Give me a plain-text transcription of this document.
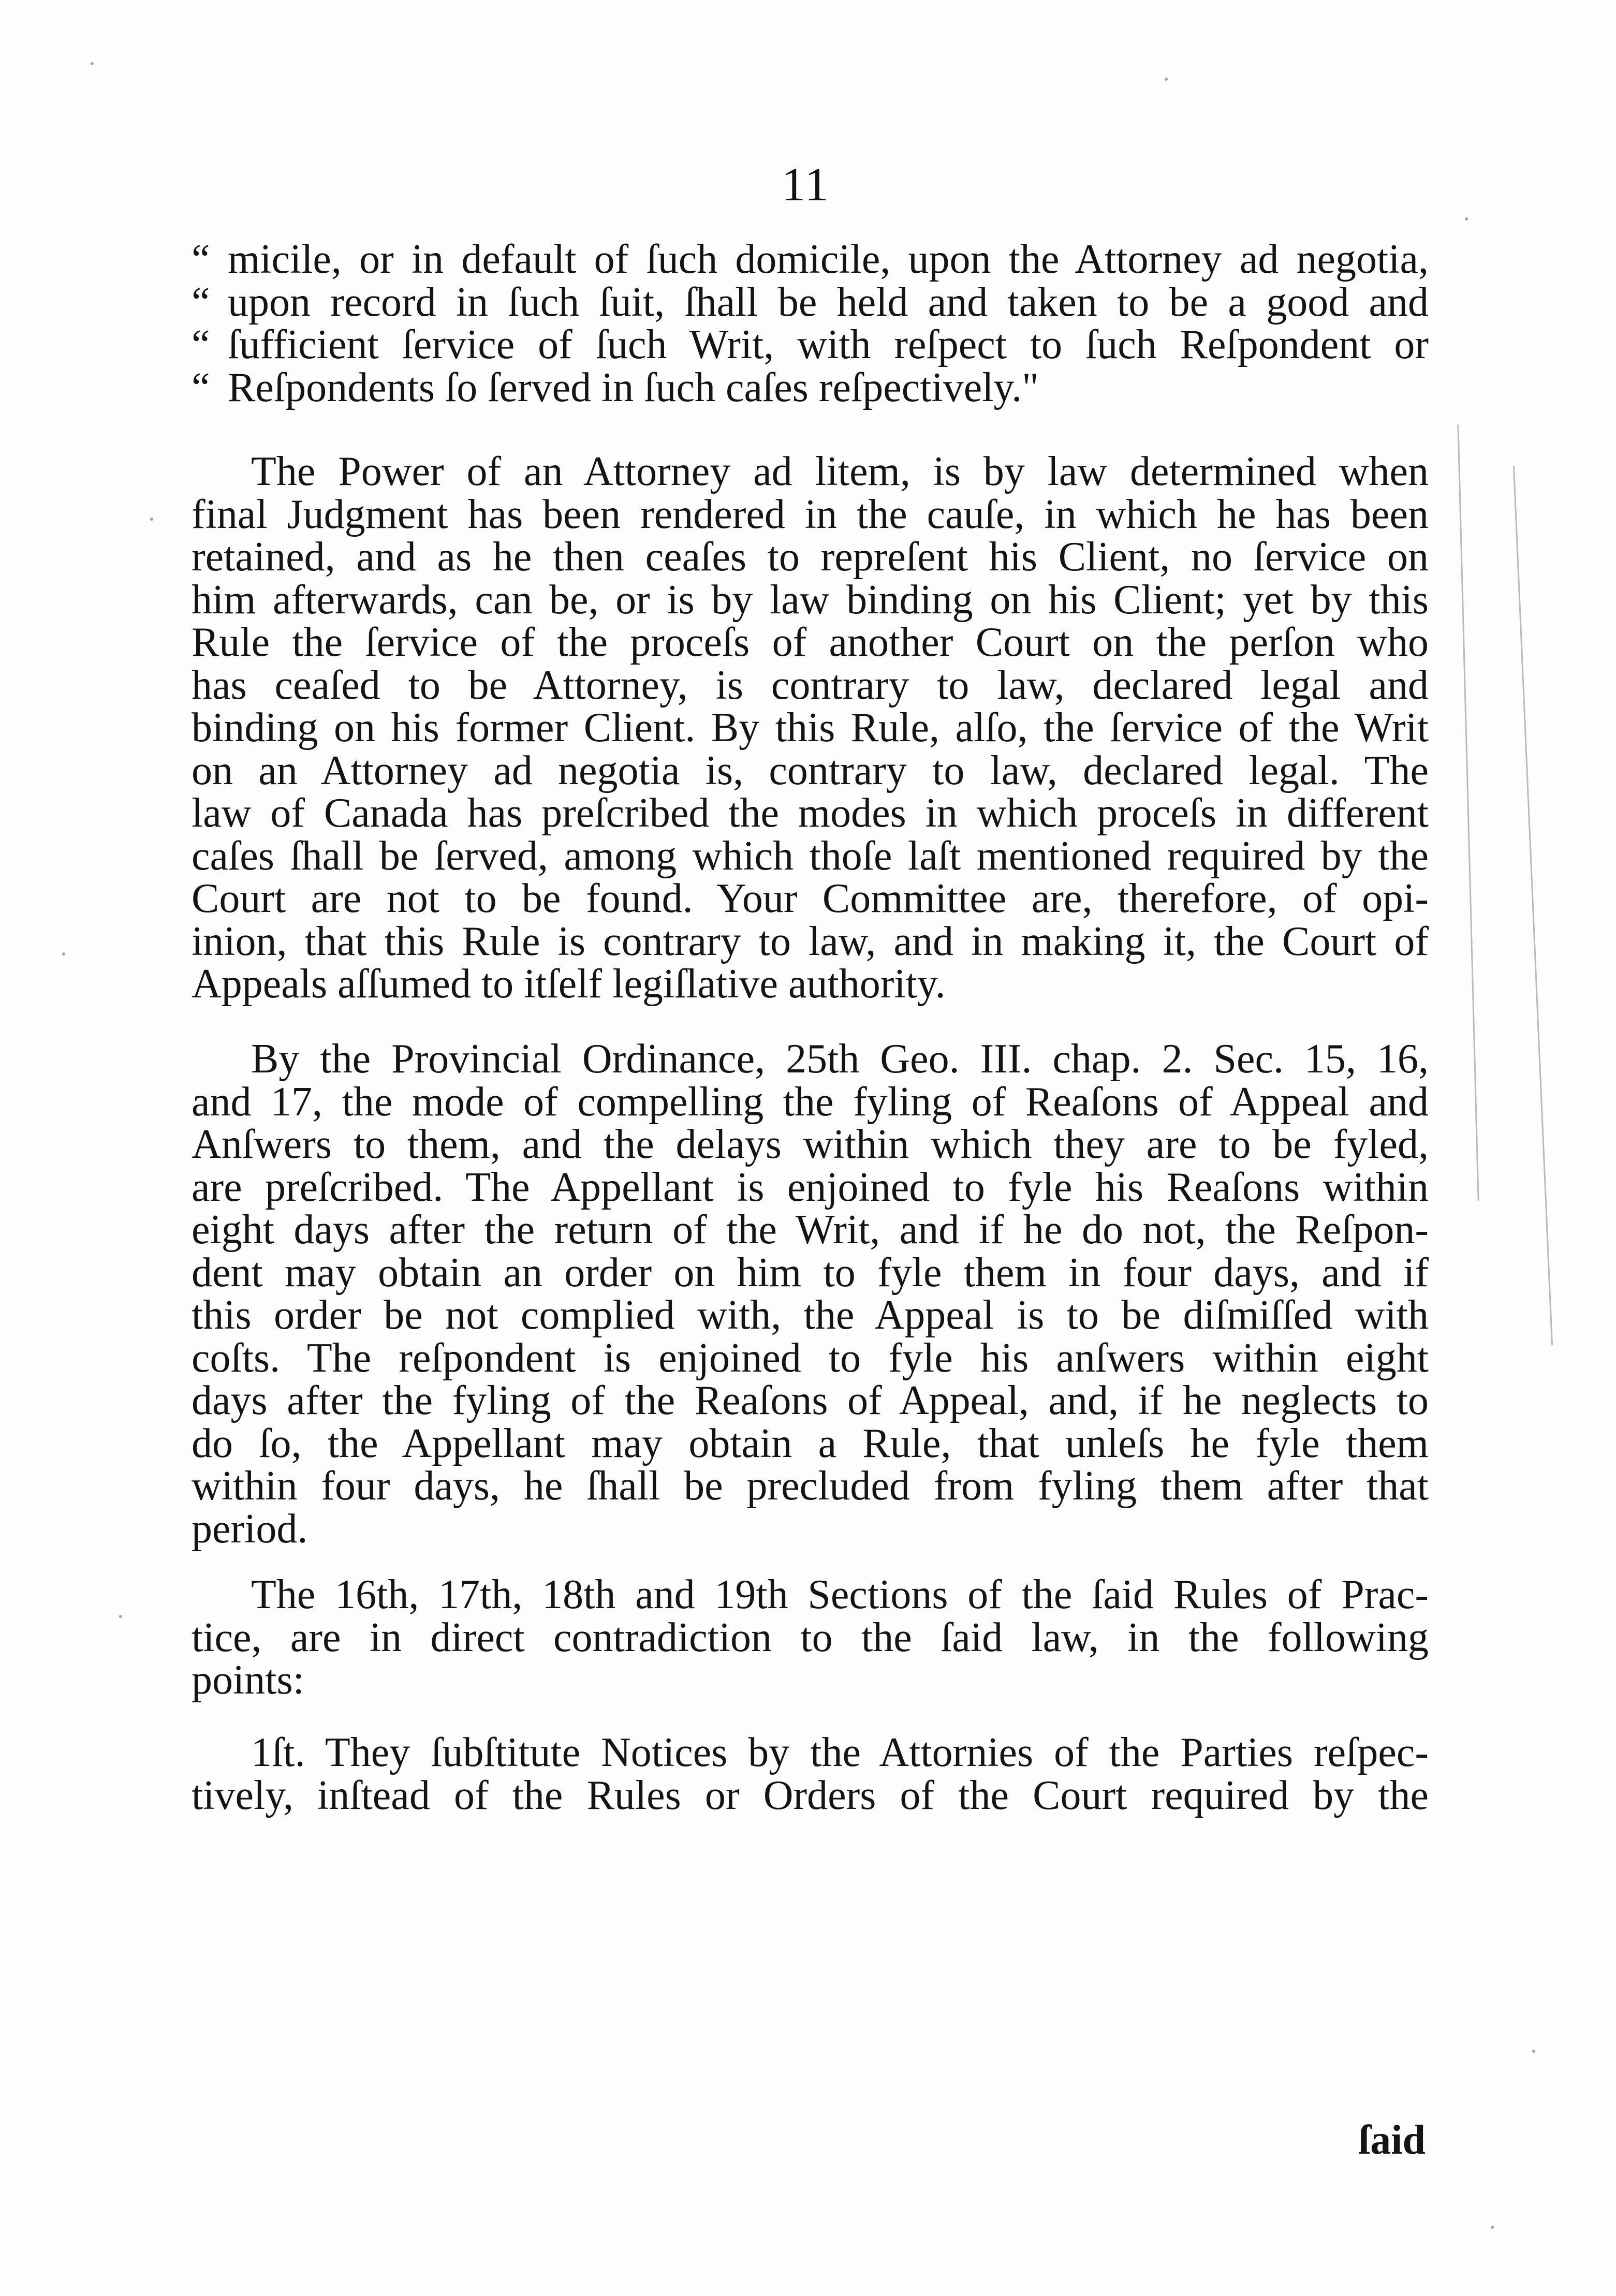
11
“ micile, or in default of ſuch domicile, upon the Attorney ad negotia,
“ upon record in ſuch ſuit, ſhall be held and taken to be a good and
“ ſufficient ſervice of ſuch Writ, with reſpect to ſuch Reſpondent or
“ Reſpondents ſo ſerved in ſuch caſes reſpectively."
The Power of an Attorney ad litem, is by law determined when
final Judgment has been rendered in the cauſe, in which he has been
retained, and as he then ceaſes to repreſent his Client, no ſervice on
him afterwards, can be, or is by law binding on his Client; yet by this
Rule the ſervice of the proceſs of another Court on the perſon who
has ceaſed to be Attorney, is contrary to law, declared legal and
binding on his former Client. By this Rule, alſo, the ſervice of the Writ
on an Attorney ad negotia is, contrary to law, declared legal. The
law of Canada has preſcribed the modes in which proceſs in different
caſes ſhall be ſerved, among which thoſe laſt mentioned required by the
Court are not to be found. Your Committee are, therefore, of opi-
inion, that this Rule is contrary to law, and in making it, the Court of
Appeals aſſumed to itſelf legiſlative authority.
By the Provincial Ordinance, 25th Geo. III. chap. 2. Sec. 15, 16,
and 17, the mode of compelling the fyling of Reaſons of Appeal and
Anſwers to them, and the delays within which they are to be fyled,
are preſcribed. The Appellant is enjoined to fyle his Reaſons within
eight days after the return of the Writ, and if he do not, the Reſpon-
dent may obtain an order on him to fyle them in four days, and if
this order be not complied with, the Appeal is to be diſmiſſed with
coſts. The reſpondent is enjoined to fyle his anſwers within eight
days after the fyling of the Reaſons of Appeal, and, if he neglects to
do ſo, the Appellant may obtain a Rule, that unleſs he fyle them
within four days, he ſhall be precluded from fyling them after that
period.
The 16th, 17th, 18th and 19th Sections of the ſaid Rules of Prac-
tice, are in direct contradiction to the ſaid law, in the following
points:
1ſt. They ſubſtitute Notices by the Attornies of the Parties reſpec-
tively, inſtead of the Rules or Orders of the Court required by the
ſaid
